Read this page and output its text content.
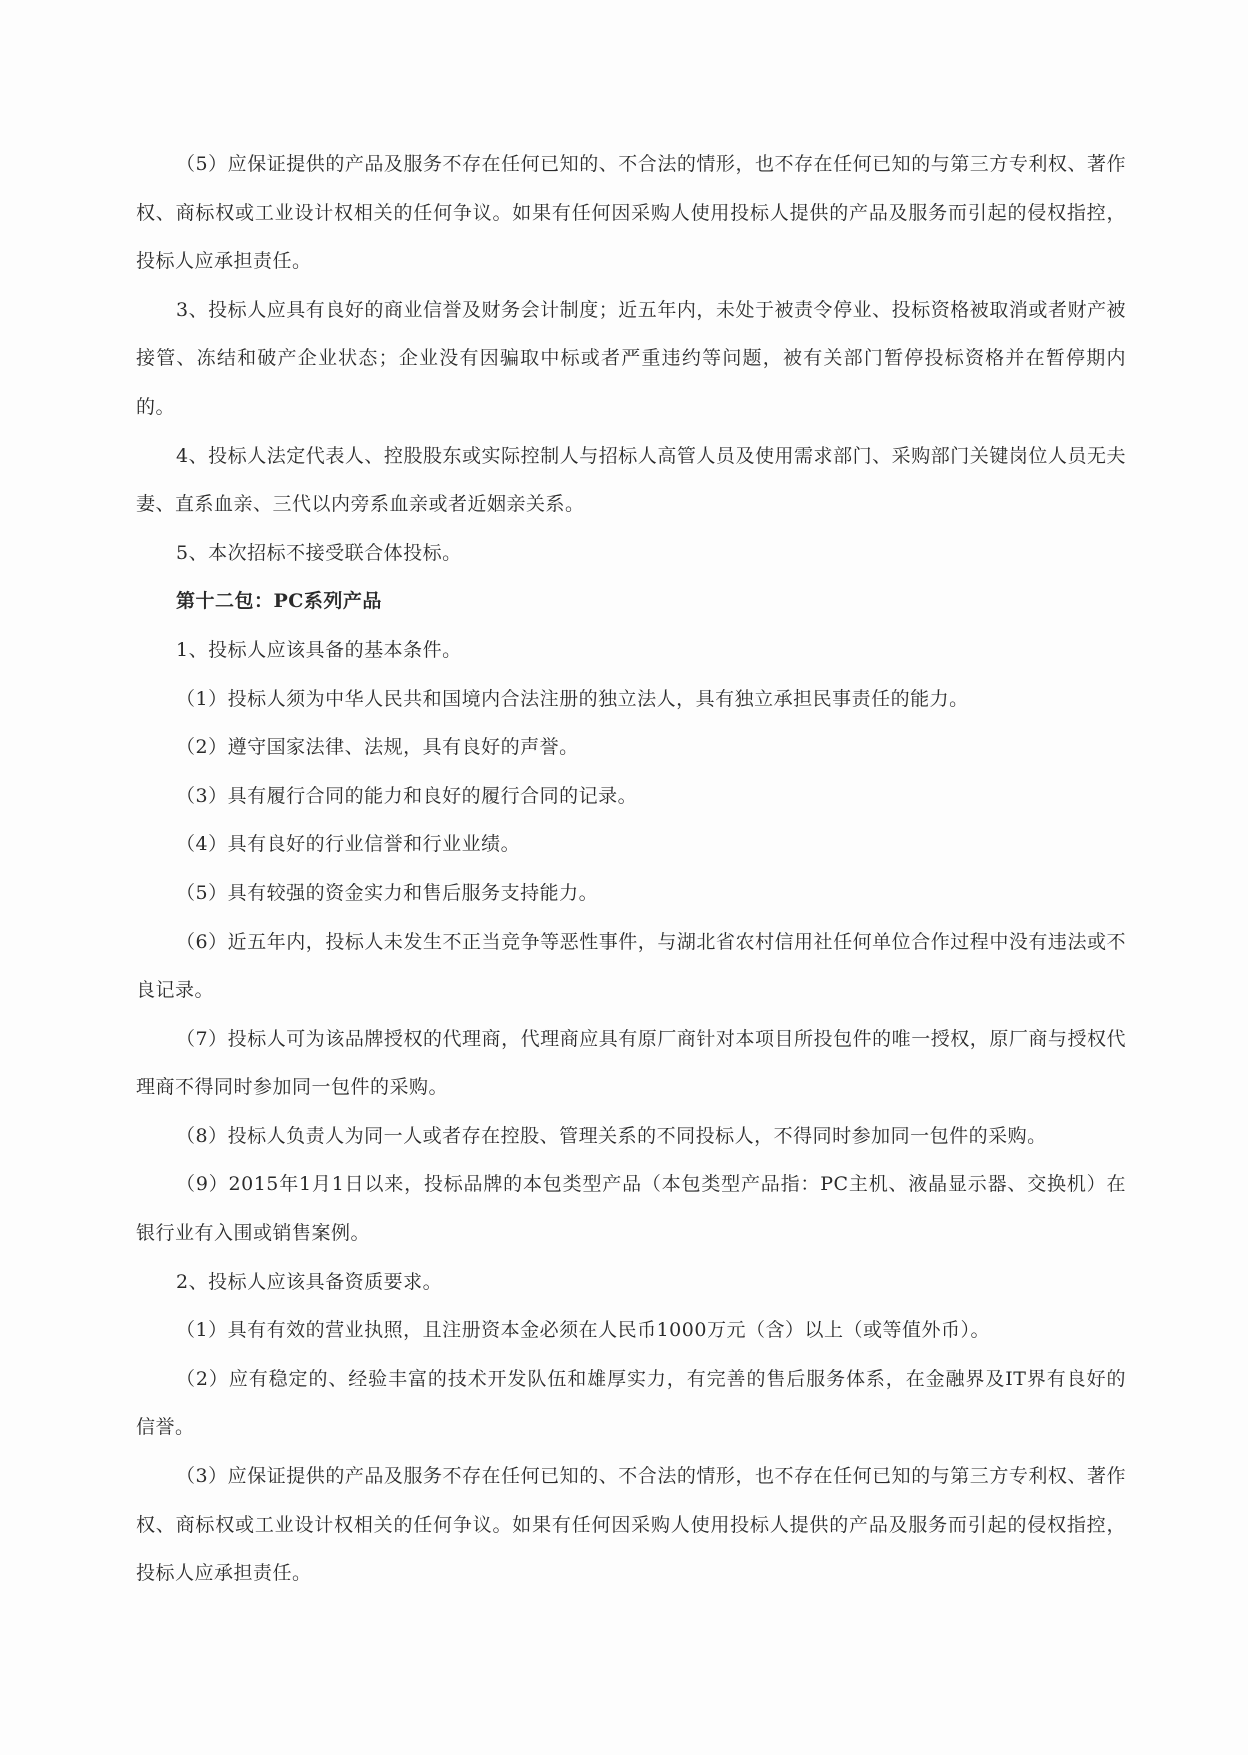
（5）应保证提供的产品及服务不存在任何已知的、不合法的情形，也不存在任何已知的与第三方专利权、著作权、商标权或工业设计权相关的任何争议。如果有任何因采购人使用投标人提供的产品及服务而引起的侵权指控，投标人应承担责任。

3、投标人应具有良好的商业信誉及财务会计制度；近五年内，未处于被责令停业、投标资格被取消或者财产被接管、冻结和破产企业状态；企业没有因骗取中标或者严重违约等问题，被有关部门暂停投标资格并在暂停期内的。

4、投标人法定代表人、控股股东或实际控制人与招标人高管人员及使用需求部门、采购部门关键岗位人员无夫妻、直系血亲、三代以内旁系血亲或者近姻亲关系。

5、本次招标不接受联合体投标。

第十二包：PC系列产品

1、投标人应该具备的基本条件。

（1）投标人须为中华人民共和国境内合法注册的独立法人，具有独立承担民事责任的能力。

（2）遵守国家法律、法规，具有良好的声誉。

（3）具有履行合同的能力和良好的履行合同的记录。

（4）具有良好的行业信誉和行业业绩。

（5）具有较强的资金实力和售后服务支持能力。

（6）近五年内，投标人未发生不正当竞争等恶性事件，与湖北省农村信用社任何单位合作过程中没有违法或不良记录。

（7）投标人可为该品牌授权的代理商，代理商应具有原厂商针对本项目所投包件的唯一授权，原厂商与授权代理商不得同时参加同一包件的采购。

（8）投标人负责人为同一人或者存在控股、管理关系的不同投标人，不得同时参加同一包件的采购。

（9）2015年1月1日以来，投标品牌的本包类型产品（本包类型产品指：PC主机、液晶显示器、交换机）在银行业有入围或销售案例。

2、投标人应该具备资质要求。

（1）具有有效的营业执照，且注册资本金必须在人民币1000万元（含）以上（或等值外币）。

（2）应有稳定的、经验丰富的技术开发队伍和雄厚实力，有完善的售后服务体系，在金融界及IT界有良好的信誉。

（3）应保证提供的产品及服务不存在任何已知的、不合法的情形，也不存在任何已知的与第三方专利权、著作权、商标权或工业设计权相关的任何争议。如果有任何因采购人使用投标人提供的产品及服务而引起的侵权指控，投标人应承担责任。
